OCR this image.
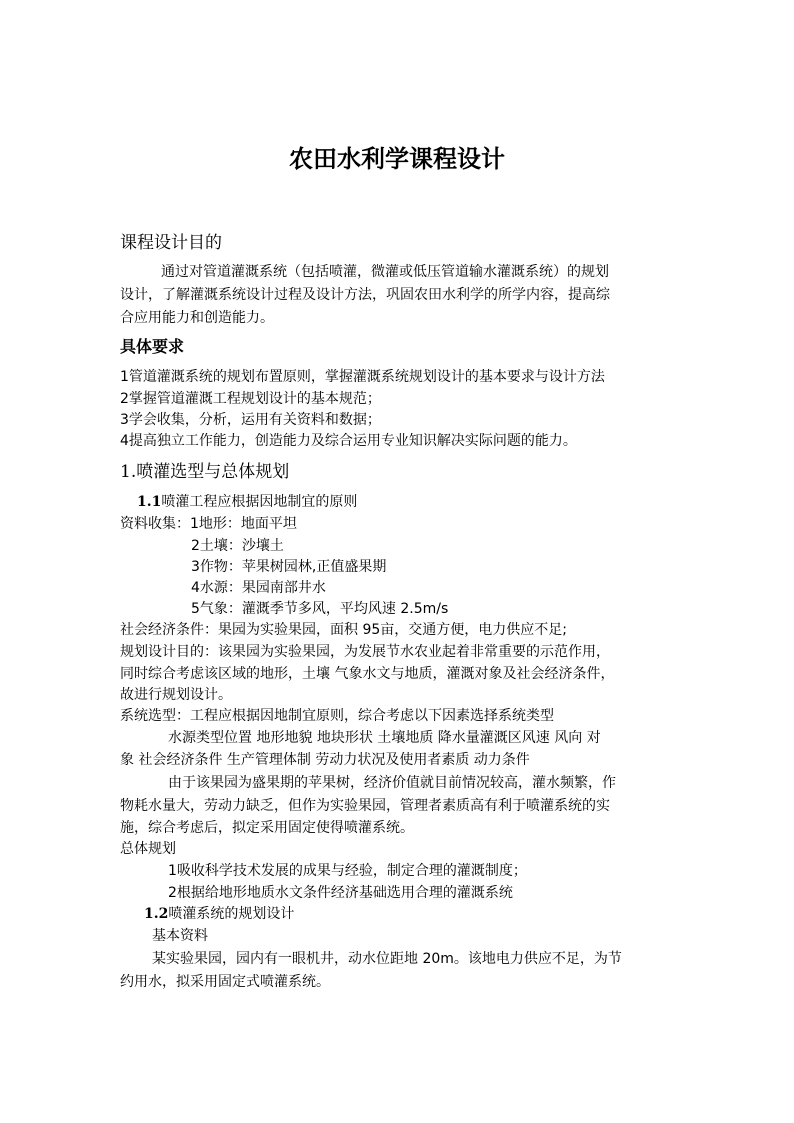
农田水利学课程设计
课程设计目的
通过对管道灌溉系统（包括喷灌，微灌或低压管道输水灌溉系统）的规划
设计，了解灌溉系统设计过程及设计方法，巩固农田水利学的所学内容，提高综
合应用能力和创造能力。
具体要求
1管道灌溉系统的规划布置原则，掌握灌溉系统规划设计的基本要求与设计方法
2掌握管道灌溉工程规划设计的基本规范；
3学会收集，分析，运用有关资料和数据；
4提高独立工作能力，创造能力及综合运用专业知识解决实际问题的能力。
1.喷灌选型与总体规划
1.1喷灌工程应根据因地制宜的原则
资料收集：1地形：地面平坦
2土壤：沙壤土
3作物：苹果树园林,正值盛果期
4水源：果园南部井水
5气象：灌溉季节多风，平均风速 2.5m/s
社会经济条件：果园为实验果园，面积 95亩，交通方便，电力供应不足;
规划设计目的：该果园为实验果园，为发展节水农业起着非常重要的示范作用，
同时综合考虑该区域的地形，土壤 气象水文与地质，灌溉对象及社会经济条件，
故进行规划设计。
系统选型：工程应根据因地制宜原则，综合考虑以下因素选择系统类型
水源类型位置 地形地貌 地块形状 土壤地质 降水量灌溉区风速 风向 对
象 社会经济条件 生产管理体制 劳动力状况及使用者素质 动力条件
由于该果园为盛果期的苹果树，经济价值就目前情况较高，灌水频繁，作
物耗水量大，劳动力缺乏，但作为实验果园，管理者素质高有利于喷灌系统的实
施，综合考虑后，拟定采用固定使得喷灌系统。
总体规划
1吸收科学技术发展的成果与经验，制定合理的灌溉制度；
2根据给地形地质水文条件经济基础选用合理的灌溉系统
1.2喷灌系统的规划设计
基本资料
某实验果园，园内有一眼机井，动水位距地 20m。该地电力供应不足，为节
约用水，拟采用固定式喷灌系统。
